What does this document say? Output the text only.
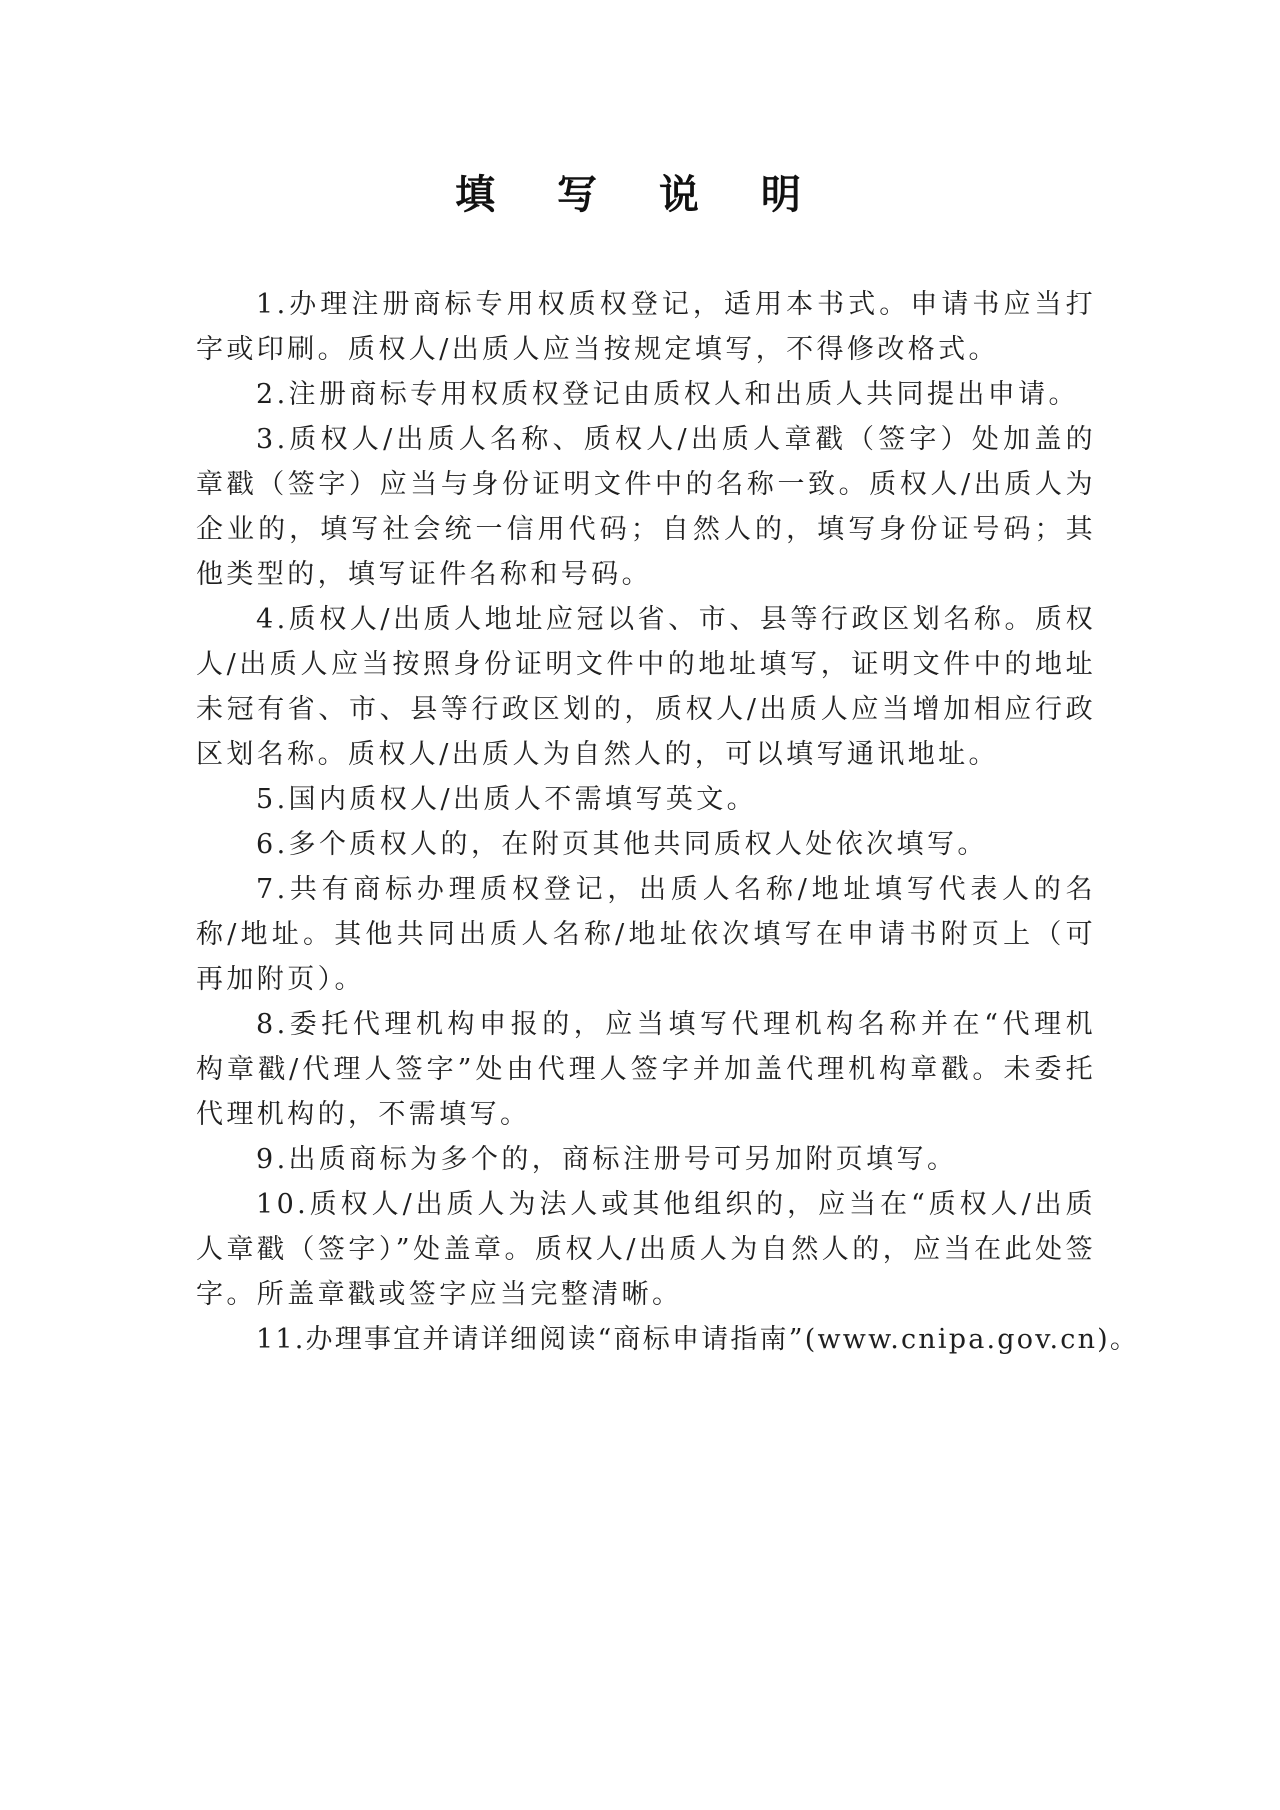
填 写 说 明

1.办理注册商标专用权质权登记，适用本书式。申请书应当打字或印刷。质权人/出质人应当按规定填写，不得修改格式。

2.注册商标专用权质权登记由质权人和出质人共同提出申请。

3.质权人/出质人名称、质权人/出质人章戳（签字）处加盖的章戳（签字）应当与身份证明文件中的名称一致。质权人/出质人为企业的，填写社会统一信用代码；自然人的，填写身份证号码；其他类型的，填写证件名称和号码。

4.质权人/出质人地址应冠以省、市、县等行政区划名称。质权人/出质人应当按照身份证明文件中的地址填写，证明文件中的地址未冠有省、市、县等行政区划的，质权人/出质人应当增加相应行政区划名称。质权人/出质人为自然人的，可以填写通讯地址。

5.国内质权人/出质人不需填写英文。

6.多个质权人的，在附页其他共同质权人处依次填写。

7.共有商标办理质权登记，出质人名称/地址填写代表人的名称/地址。其他共同出质人名称/地址依次填写在申请书附页上（可再加附页）。

8.委托代理机构申报的，应当填写代理机构名称并在“代理机构章戳/代理人签字”处由代理人签字并加盖代理机构章戳。未委托代理机构的，不需填写。

9.出质商标为多个的，商标注册号可另加附页填写。

10.质权人/出质人为法人或其他组织的，应当在“质权人/出质人章戳（签字）”处盖章。质权人/出质人为自然人的，应当在此处签字。所盖章戳或签字应当完整清晰。

11.办理事宜并请详细阅读“商标申请指南”(www.cnipa.gov.cn)。
